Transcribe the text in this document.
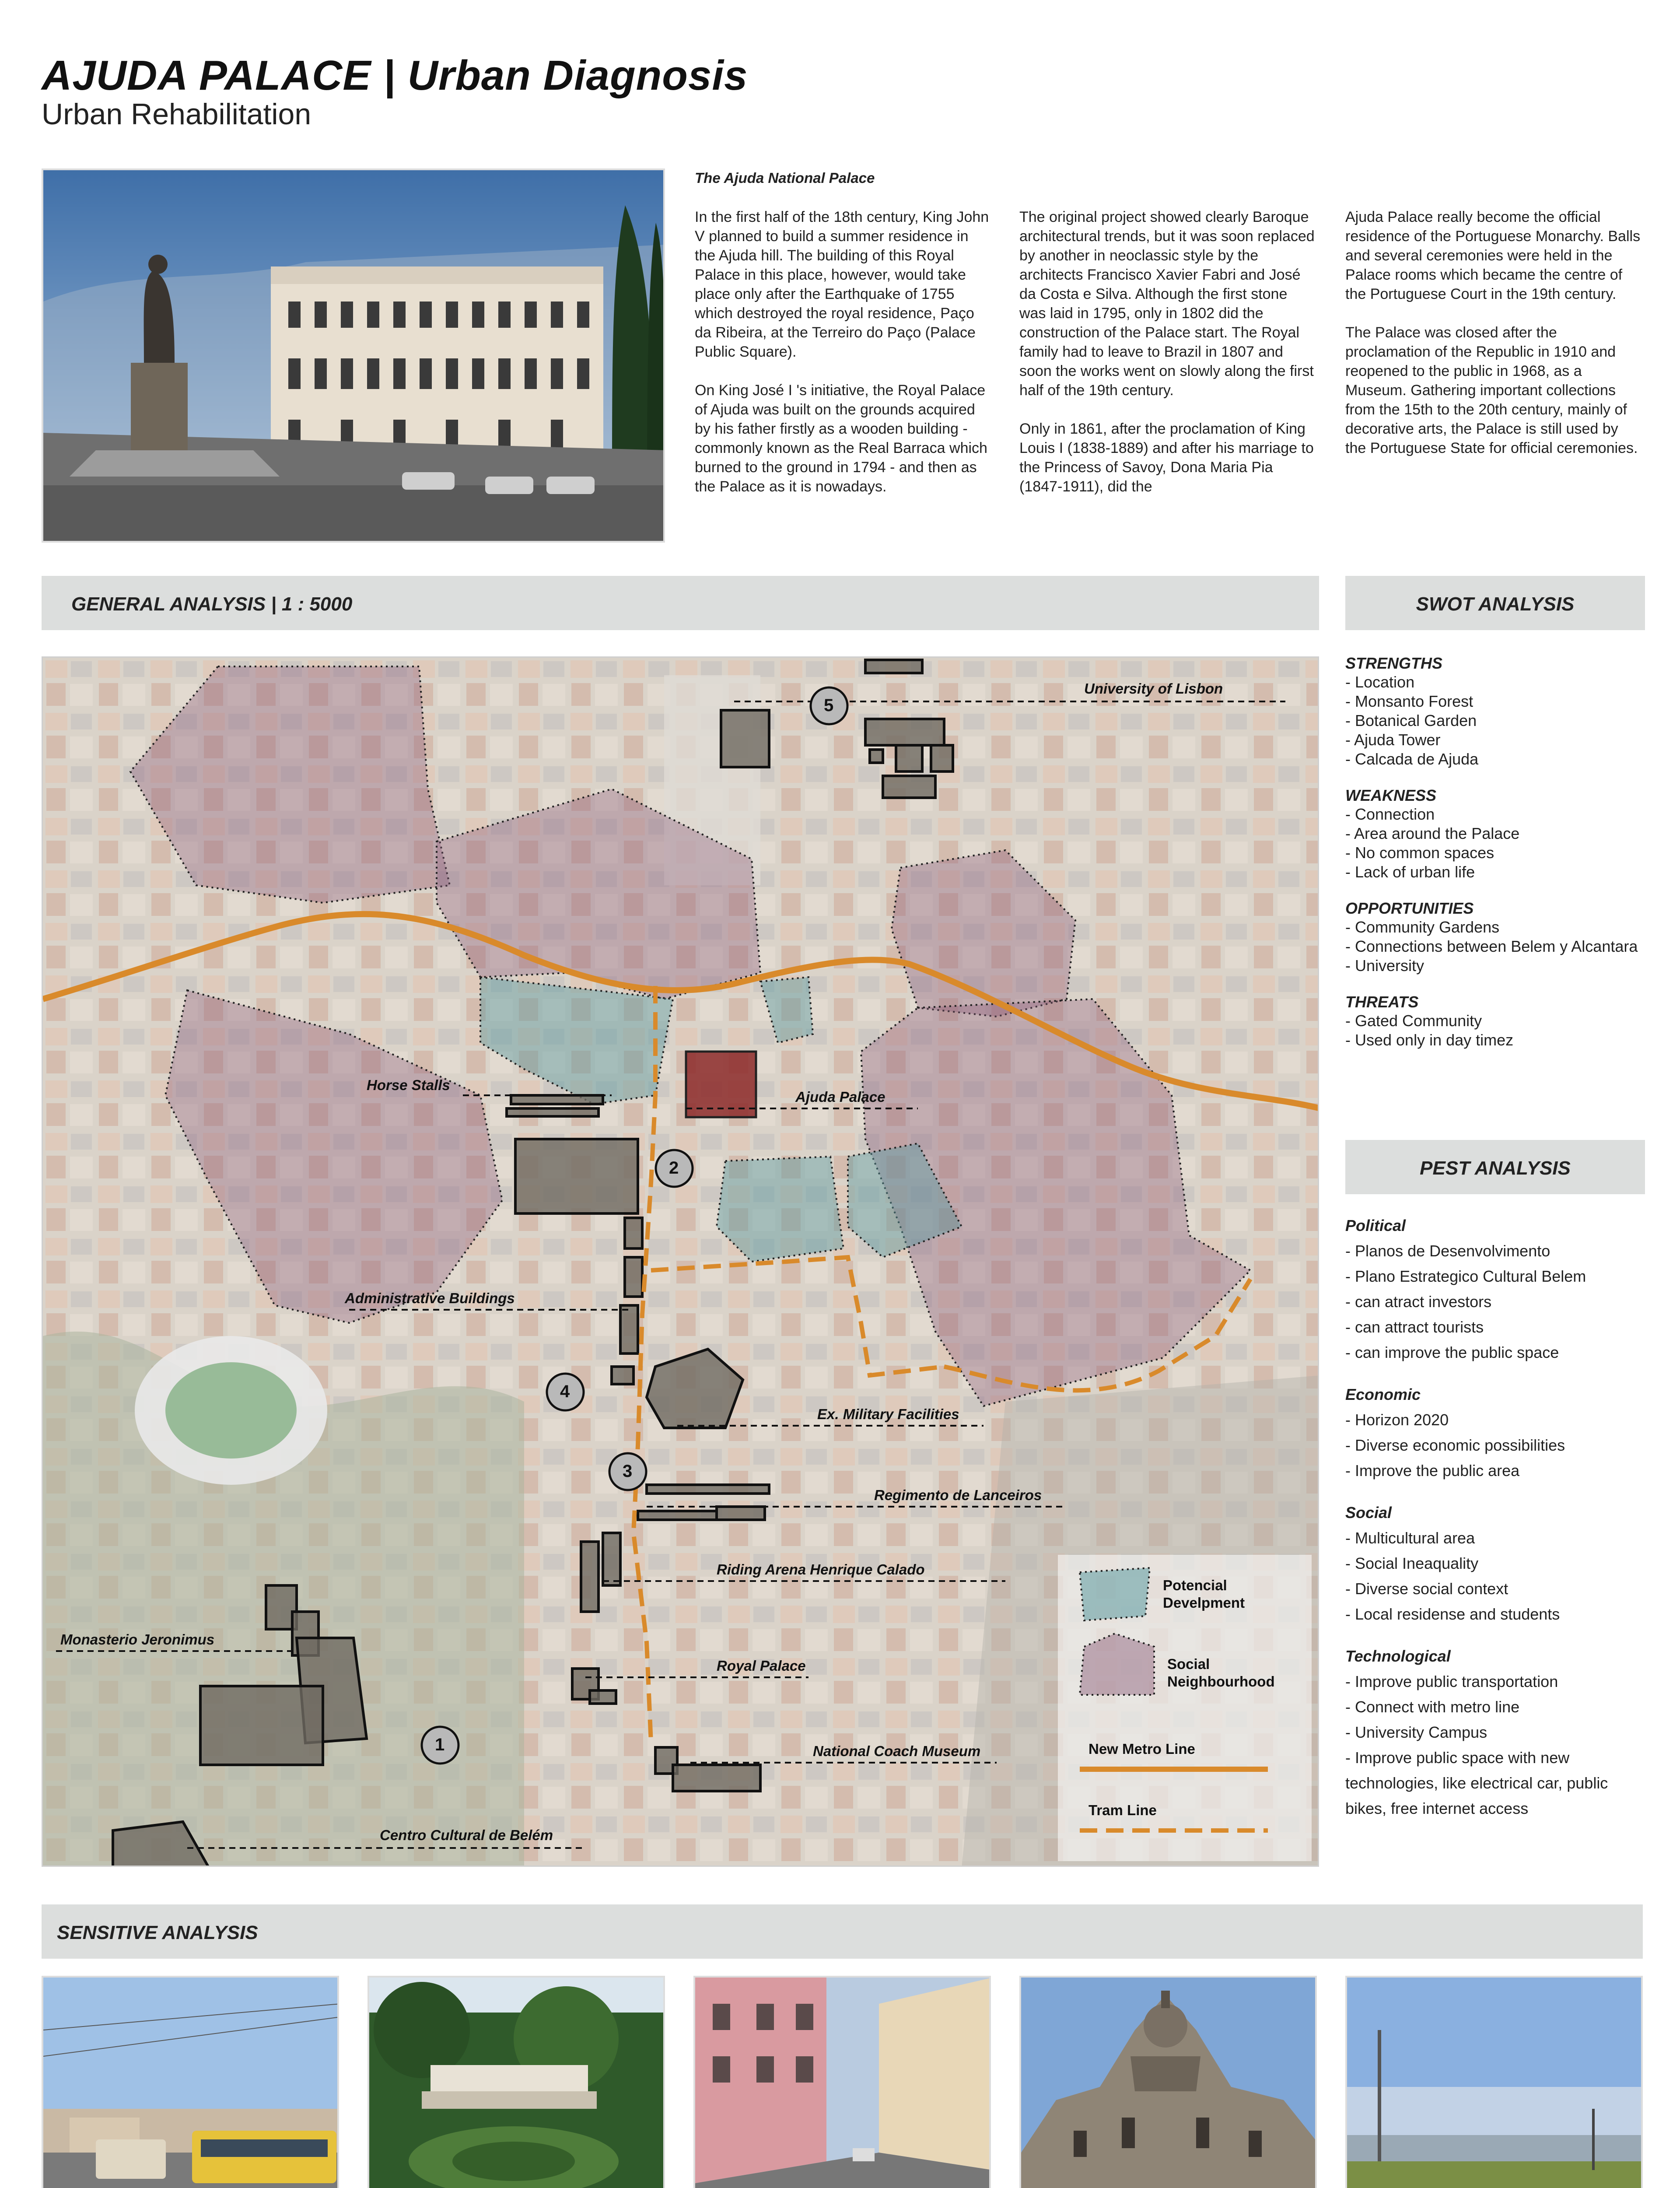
AJUDA PALACE | Urban Diagnosis
Urban Rehabilitation
The Ajuda National Palace
In the first half of the 18th century, King John V planned to build a summer residence in the Ajuda hill. The building of this Royal Palace in this place, however, would take place only after the Earthquake of 1755 which destroyed the royal residence, Paço da Ribeira, at the Terreiro do Paço (Palace Public Square).

On King José I 's initiative, the Royal Palace of Ajuda was built on the grounds acquired by his father firstly as a wooden building - commonly known as the Real Barraca which burned to the ground in 1794 - and then as the Palace as it is nowadays.
The original project showed clearly Baroque architectural trends, but it was soon replaced by another in neoclassic style by the architects Francisco Xavier Fabri and José da Costa e Silva. Although the first stone was laid in 1795, only in 1802 did the construction of the Palace start. The Royal family had to leave to Brazil in 1807 and soon the works went on slowly along the first half of the 19th century.

Only in 1861, after the proclamation of King Louis I (1838-1889) and after his marriage to the Princess of Savoy, Dona Maria Pia (1847-1911), did the
Ajuda Palace really become the official residence of the Portuguese Monarchy. Balls and several ceremonies were held in the Palace rooms which became the centre of the Portuguese Court in the 19th century.

The Palace was closed after the proclamation of the Republic in 1910 and reopened to the public in 1968, as a Museum. Gathering important collections from the 15th to the 20th century, mainly of decorative arts, the Palace is still used by the Portuguese State for official ceremonies.
GENERAL ANALYSIS | 1 : 5000	SWOT ANALYSIS
University of Lisbon
Horse Stalls
Ajuda Palace
Administrative Buildings
Ex. Military Facilities
Regimento de Lanceiros
Riding Arena Henrique Calado
Monasterio Jeronimus
Royal Palace
National Coach Museum
Centro Cultural de Belém
1
2
3
4
5
Potencial
Develpment
Social
Neighbourhood
New Metro Line
Tram Line
STRENGTHS
- Location
- Monsanto Forest
- Botanical Garden
- Ajuda Tower
- Calcada de Ajuda
WEAKNESS
- Connection
- Area around the Palace
- No common spaces
- Lack of urban life
OPPORTUNITIES
- Community Gardens
- Connections between Belem y Alcantara
- University
THREATS
- Gated Community
- Used only in day timez
PEST ANALYSIS
Political
- Planos de Desenvolvimento
- Plano Estrategico Cultural Belem
- can atract investors
- can attract tourists
- can improve the public space
Economic
- Horizon 2020
- Diverse economic possibilities
- Improve the public area
Social
- Multicultural area
- Social Ineaquality
- Diverse social context
- Local residense and students
Technological
- Improve public transportation
- Connect with metro line
- University Campus
- Improve public space with new technologies, like electrical car, public bikes, free internet access
SENSITIVE ANALYSIS
